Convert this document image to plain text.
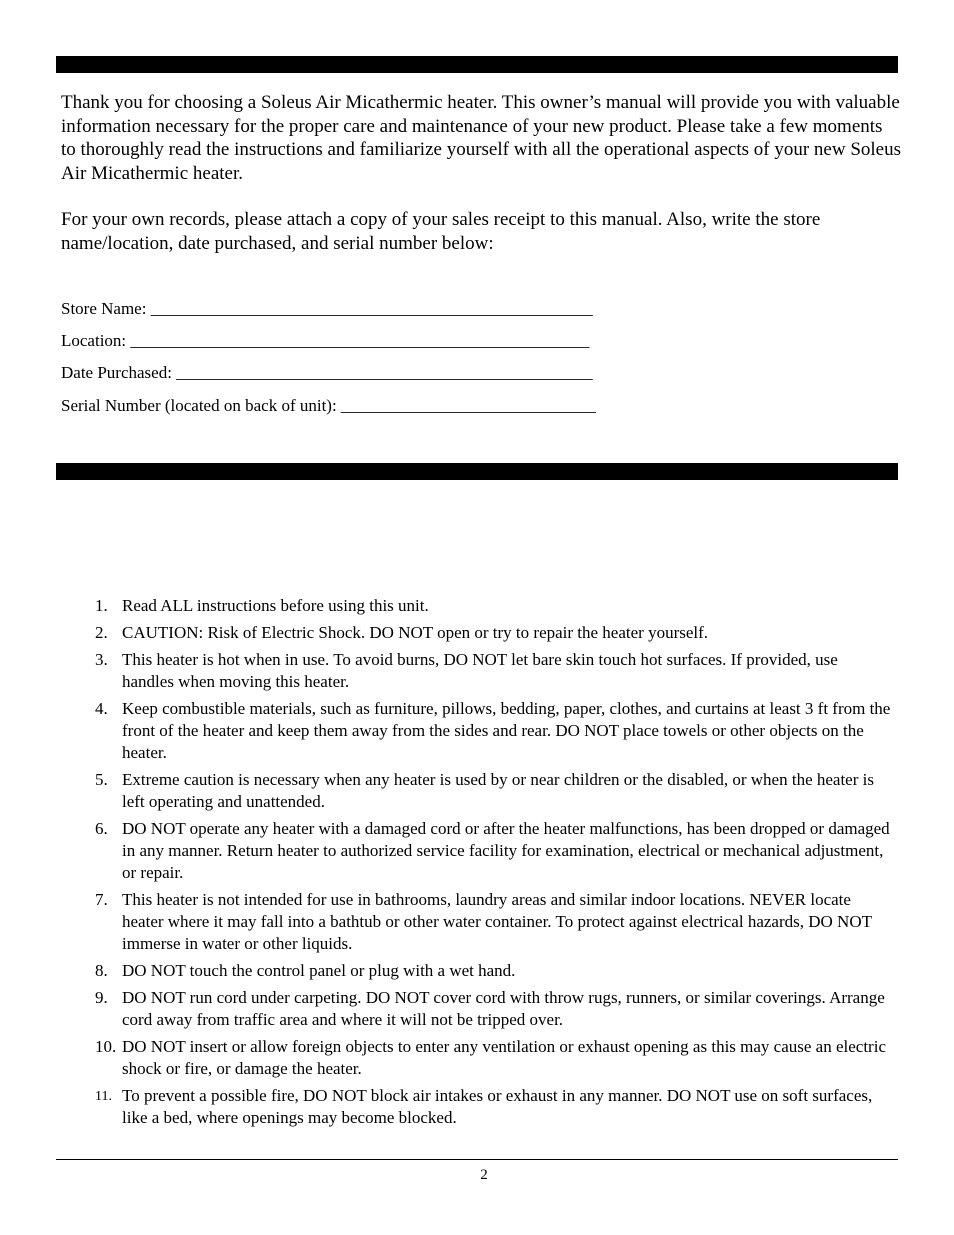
Thank you for choosing a Soleus Air Micathermic heater. This owner’s manual will provide you with valuable information necessary for the proper care and maintenance of your new product. Please take a few moments to thoroughly read the instructions and familiarize yourself with all the operational aspects of your new Soleus Air Micathermic heater.

For your own records, please attach a copy of your sales receipt to this manual. Also, write the store name/location, date purchased, and serial number below:

Store Name: ____________________________________________________
Location: ______________________________________________________
Date Purchased: _________________________________________________
Serial Number (located on back of unit): ______________________________
1. Read ALL instructions before using this unit.
2. CAUTION: Risk of Electric Shock. DO NOT open or try to repair the heater yourself.
3. This heater is hot when in use. To avoid burns, DO NOT let bare skin touch hot surfaces. If provided, use handles when moving this heater.
4. Keep combustible materials, such as furniture, pillows, bedding, paper, clothes, and curtains at least 3 ft from the front of the heater and keep them away from the sides and rear. DO NOT place towels or other objects on the heater.
5. Extreme caution is necessary when any heater is used by or near children or the disabled, or when the heater is left operating and unattended.
6. DO NOT operate any heater with a damaged cord or after the heater malfunctions, has been dropped or damaged in any manner. Return heater to authorized service facility for examination, electrical or mechanical adjustment, or repair.
7. This heater is not intended for use in bathrooms, laundry areas and similar indoor locations. NEVER locate heater where it may fall into a bathtub or other water container. To protect against electrical hazards, DO NOT immerse in water or other liquids.
8. DO NOT touch the control panel or plug with a wet hand.
9. DO NOT run cord under carpeting. DO NOT cover cord with throw rugs, runners, or similar coverings. Arrange cord away from traffic area and where it will not be tripped over.
10. DO NOT insert or allow foreign objects to enter any ventilation or exhaust opening as this may cause an electric shock or fire, or damage the heater.
11. To prevent a possible fire, DO NOT block air intakes or exhaust in any manner. DO NOT use on soft surfaces, like a bed, where openings may become blocked.
2
